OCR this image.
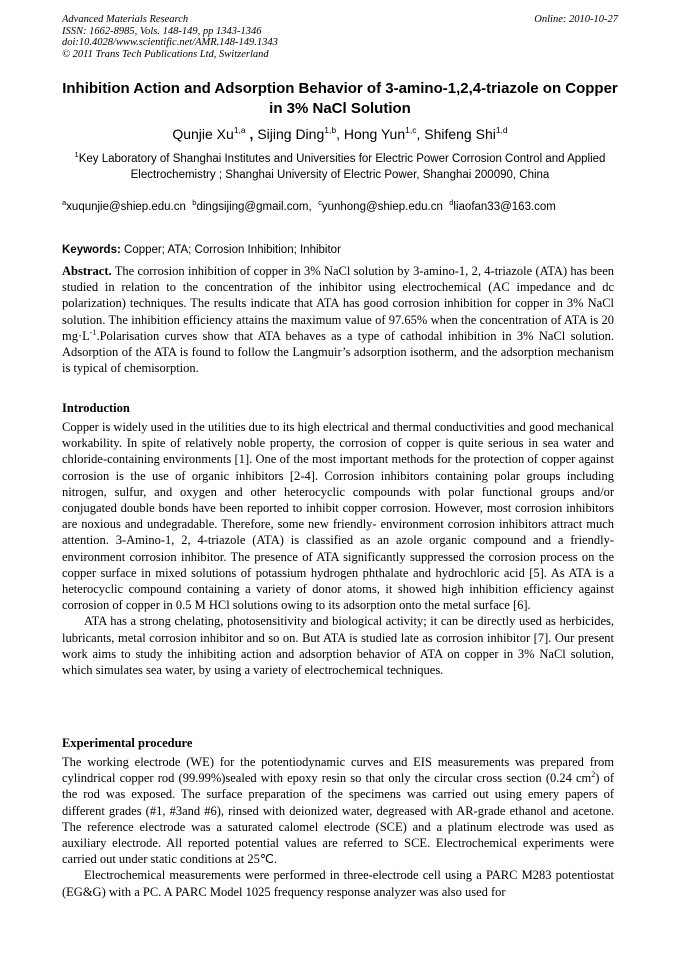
Advanced Materials Research
ISSN: 1662-8985, Vols. 148-149, pp 1343-1346
doi:10.4028/www.scientific.net/AMR.148-149.1343
© 2011 Trans Tech Publications Ltd, Switzerland
Online: 2010-10-27
Inhibition Action and Adsorption Behavior of 3-amino-1,2,4-triazole on Copper in 3% NaCl Solution
Qunjie Xu$^{1,a}$ , Sijing Ding$^{1,b}$, Hong Yun$^{1,c}$, Shifeng Shi$^{1,d}$
$^1$Key Laboratory of Shanghai Institutes and Universities for Electric Power Corrosion Control and Applied Electrochemistry ; Shanghai University of Electric Power, Shanghai 200090, China
$^a$xuqunjie@shiep.edu.cn $^b$dingsijing@gmail.com, $^c$yunhong@shiep.edu.cn $^d$liaofan33@163.com
Keywords: Copper; ATA; Corrosion Inhibition; Inhibitor

Abstract. The corrosion inhibition of copper in 3% NaCl solution by 3-amino-1, 2, 4-triazole (ATA) has been studied in relation to the concentration of the inhibitor using electrochemical (AC impedance and dc polarization) techniques. The results indicate that ATA has good corrosion inhibition for copper in 3% NaCl solution. The inhibition efficiency attains the maximum value of 97.65% when the concentration of ATA is 20 $mg\cdot L^{-1}.Polarisation$ curves show that ATA behaves as a type of cathodal inhibition in 3% NaCl solution. Adsorption of the ATA is found to follow the Langmuir’s adsorption isotherm, and the adsorption mechanism is typical of chemisorption.

Introduction

Copper is widely used in the utilities due to its high electrical and thermal conductivities and good mechanical workability. In spite of relatively noble property, the corrosion of copper is quite serious in sea water and chloride-containing environments [1]. One of the most important methods for the protection of copper against corrosion is the use of organic inhibitors [2-4]. Corrosion inhibitors containing polar groups including nitrogen, sulfur, and oxygen and other heterocyclic compounds with polar functional groups and/or conjugated double bonds have been reported to inhibit copper corrosion. However, most corrosion inhibitors are noxious and undegradable. Therefore, some new friendly- environment corrosion inhibitors attract much attention. 3-Amino-1, 2, 4-triazole (ATA) is classified as an azole organic compound and a friendly- environment corrosion inhibitor. The presence of ATA significantly suppressed the corrosion process on the copper surface in mixed solutions of potassium hydrogen phthalate and hydrochloric acid [5]. As ATA is a heterocyclic compound containing a variety of donor atoms, it showed high inhibition efficiency against corrosion of copper in 0.5 M HCl solutions owing to its adsorption onto the metal surface [6].

ATA has a strong chelating, photosensitivity and biological activity; it can be directly used as herbicides, lubricants, metal corrosion inhibitor and so on. But ATA is studied late as corrosion inhibitor [7]. Our present work aims to study the inhibiting action and adsorption behavior of ATA on copper in 3% NaCl solution, which simulates sea water, by using a variety of electrochemical techniques.

Experimental procedure

The working electrode (WE) for the potentiodynamic curves and EIS measurements was prepared from cylindrical copper rod (99.99%)sealed with epoxy resin so that only the circular cross section (0.24 $cm^2$) of the rod was exposed. The surface preparation of the specimens was carried out using emery papers of different grades (#1, #3and #6), rinsed with deionized water, degreased with AR-grade ethanol and acetone. The reference electrode was a saturated calomel electrode (SCE) and a platinum electrode was used as auxiliary electrode. All reported potential values are referred to SCE. Electrochemical experiments were carried out under static conditions at 25℃.

Electrochemical measurements were performed in three-electrode cell using a PARC M283 potentiostat (EG&G) with a PC. A PARC Model 1025 frequency response analyzer was also used for
